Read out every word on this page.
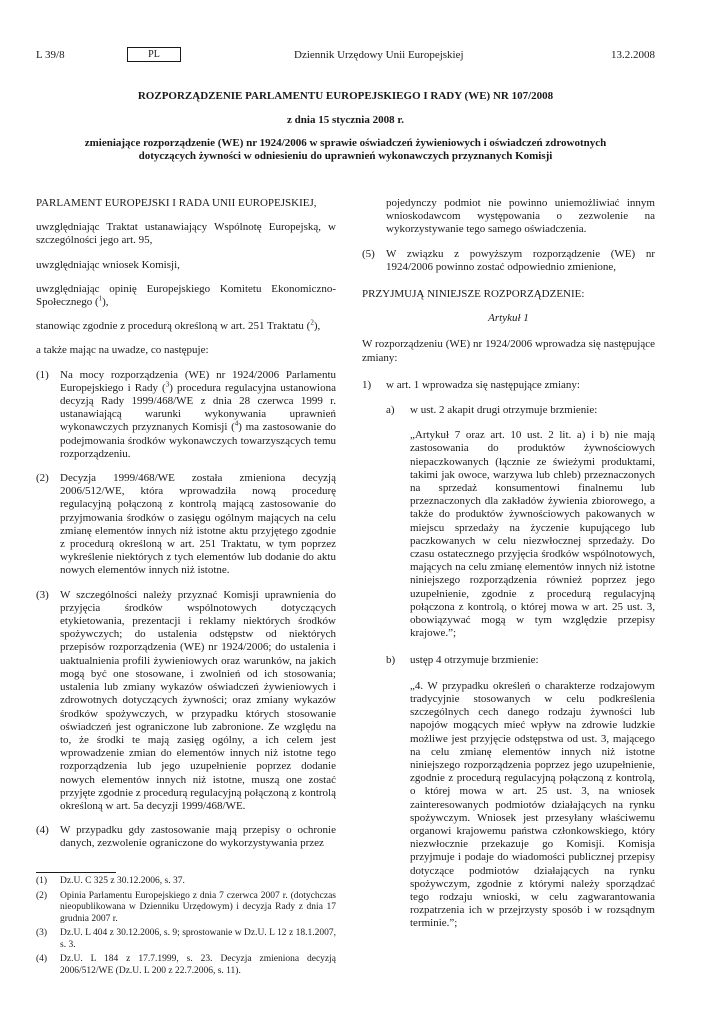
L 39/8	PL	Dziennik Urzędowy Unii Europejskiej	13.2.2008
ROZPORZĄDZENIE PARLAMENTU EUROPEJSKIEGO I RADY (WE) NR 107/2008
z dnia 15 stycznia 2008 r.
zmieniające rozporządzenie (WE) nr 1924/2006 w sprawie oświadczeń żywieniowych i oświadczeń zdrowotnych dotyczących żywności w odniesieniu do uprawnień wykonawczych przyznanych Komisji

PARLAMENT EUROPEJSKI I RADA UNII EUROPEJSKIEJ,

uwzględniając Traktat ustanawiający Wspólnotę Europejską, w szczególności jego art. 95,

uwzględniając wniosek Komisji,

uwzględniając opinię Europejskiego Komitetu Ekonomiczno-Społecznego ($^1$),

stanowiąc zgodnie z procedurą określoną w art. 251 Traktatu ($^2$),

a także mając na uwadze, co następuje:

(1)	Na mocy rozporządzenia (WE) nr 1924/2006 Parlamentu Europejskiego i Rady ($^3$) procedura regulacyjna ustanowiona decyzją Rady 1999/468/WE z dnia 28 czerwca 1999 r. ustanawiającą warunki wykonywania uprawnień wykonawczych przyznanych Komisji ($^4$) ma zastosowanie do podejmowania środków wykonawczych towarzyszących temu rozporządzeniu.
(2)	Decyzja 1999/468/WE została zmieniona decyzją 2006/512/WE, która wprowadziła nową procedurę regulacyjną połączoną z kontrolą mającą zastosowanie do przyjmowania środków o zasięgu ogólnym mających na celu zmianę elementów innych niż istotne aktu przyjętego zgodnie z procedurą określoną w art. 251 Traktatu, w tym poprzez wykreślenie niektórych z tych elementów lub dodanie do aktu nowych elementów innych niż istotne.
(3)	W szczególności należy przyznać Komisji uprawnienia do przyjęcia środków wspólnotowych dotyczących etykietowania, prezentacji i reklamy niektórych środków spożywczych; do ustalenia odstępstw od niektórych przepisów rozporządzenia (WE) nr 1924/2006; do ustalenia i uaktualnienia profili żywieniowych oraz warunków, na jakich mogą być one stosowane, i zwolnień od ich stosowania; ustalenia lub zmiany wykazów oświadczeń żywieniowych i zdrowotnych dotyczących żywności; oraz zmiany wykazów środków spożywczych, w przypadku których stosowanie oświadczeń jest ograniczone lub zabronione. Ze względu na to, że środki te mają zasięg ogólny, a ich celem jest wprowadzenie zmian do elementów innych niż istotne tego rozporządzenia lub jego uzupełnienie poprzez dodanie nowych elementów innych niż istotne, muszą one zostać przyjęte zgodnie z procedurą regulacyjną połączoną z kontrolą określoną w art. 5a decyzji 1999/468/WE.
(4)	W przypadku gdy zastosowanie mają przepisy o ochronie danych, zezwolenie ograniczone do wykorzystywania przez
(1)	Dz.U. C 325 z 30.12.2006, s. 37.
(2)	Opinia Parlamentu Europejskiego z dnia 7 czerwca 2007 r. (dotychczas nieopublikowana w Dzienniku Urzędowym) i decyzja Rady z dnia 17 grudnia 2007 r.
(3)	Dz.U. L 404 z 30.12.2006, s. 9; sprostowanie w Dz.U. L 12 z 18.1.2007, s. 3.
(4)	Dz.U. L 184 z 17.7.1999, s. 23. Decyzja zmieniona decyzją 2006/512/WE (Dz.U. L 200 z 22.7.2006, s. 11).

pojedynczy podmiot nie powinno uniemożliwiać innym wnioskodawcom występowania o zezwolenie na wykorzystywanie tego samego oświadczenia.

(5)	W związku z powyższym rozporządzenie (WE) nr 1924/2006 powinno zostać odpowiednio zmienione,

PRZYJMUJĄ NINIEJSZE ROZPORZĄDZENIE:

Artykuł 1

W rozporządzeniu (WE) nr 1924/2006 wprowadza się następujące zmiany:

1)	w art. 1 wprowadza się następujące zmiany:
a)	w ust. 2 akapit drugi otrzymuje brzmienie:

„Artykuł 7 oraz art. 10 ust. 2 lit. a) i b) nie mają zastosowania do produktów żywnościowych niepaczkowanych (łącznie ze świeżymi produktami, takimi jak owoce, warzywa lub chleb) przeznaczonych na sprzedaż konsumentowi finalnemu lub przeznaczonych dla zakładów żywienia zbiorowego, a także do produktów żywnościowych pakowanych w miejscu sprzedaży na życzenie kupującego lub paczkowanych w celu niezwłocznej sprzedaży. Do czasu ostatecznego przyjęcia środków wspólnotowych, mających na celu zmianę elementów innych niż istotne niniejszego rozporządzenia również poprzez jego uzupełnienie, zgodnie z procedurą regulacyjną połączona z kontrolą, o której mowa w art. 25 ust. 3, obowiązywać mogą w tym względzie przepisy krajowe.”;

b)	ustęp 4 otrzymuje brzmienie:

„4. W przypadku określeń o charakterze rodzajowym tradycyjnie stosowanych w celu podkreślenia szczególnych cech danego rodzaju żywności lub napojów mogących mieć wpływ na zdrowie ludzkie możliwe jest przyjęcie odstępstwa od ust. 3, mającego na celu zmianę elementów innych niż istotne niniejszego rozporządzenia poprzez jego uzupełnienie, zgodnie z procedurą regulacyjną połączoną z kontrolą, o której mowa w art. 25 ust. 3, na wniosek zainteresowanych podmiotów działających na rynku spożywczym. Wniosek jest przesyłany właściwemu organowi krajowemu państwa członkowskiego, który niezwłocznie przekazuje go Komisji. Komisja przyjmuje i podaje do wiadomości publicznej przepisy dotyczące podmiotów działających na rynku spożywczym, zgodnie z którymi należy sporządzać tego rodzaju wnioski, w celu zagwarantowania rozpatrzenia ich w przejrzysty sposób i w rozsądnym terminie.”;
